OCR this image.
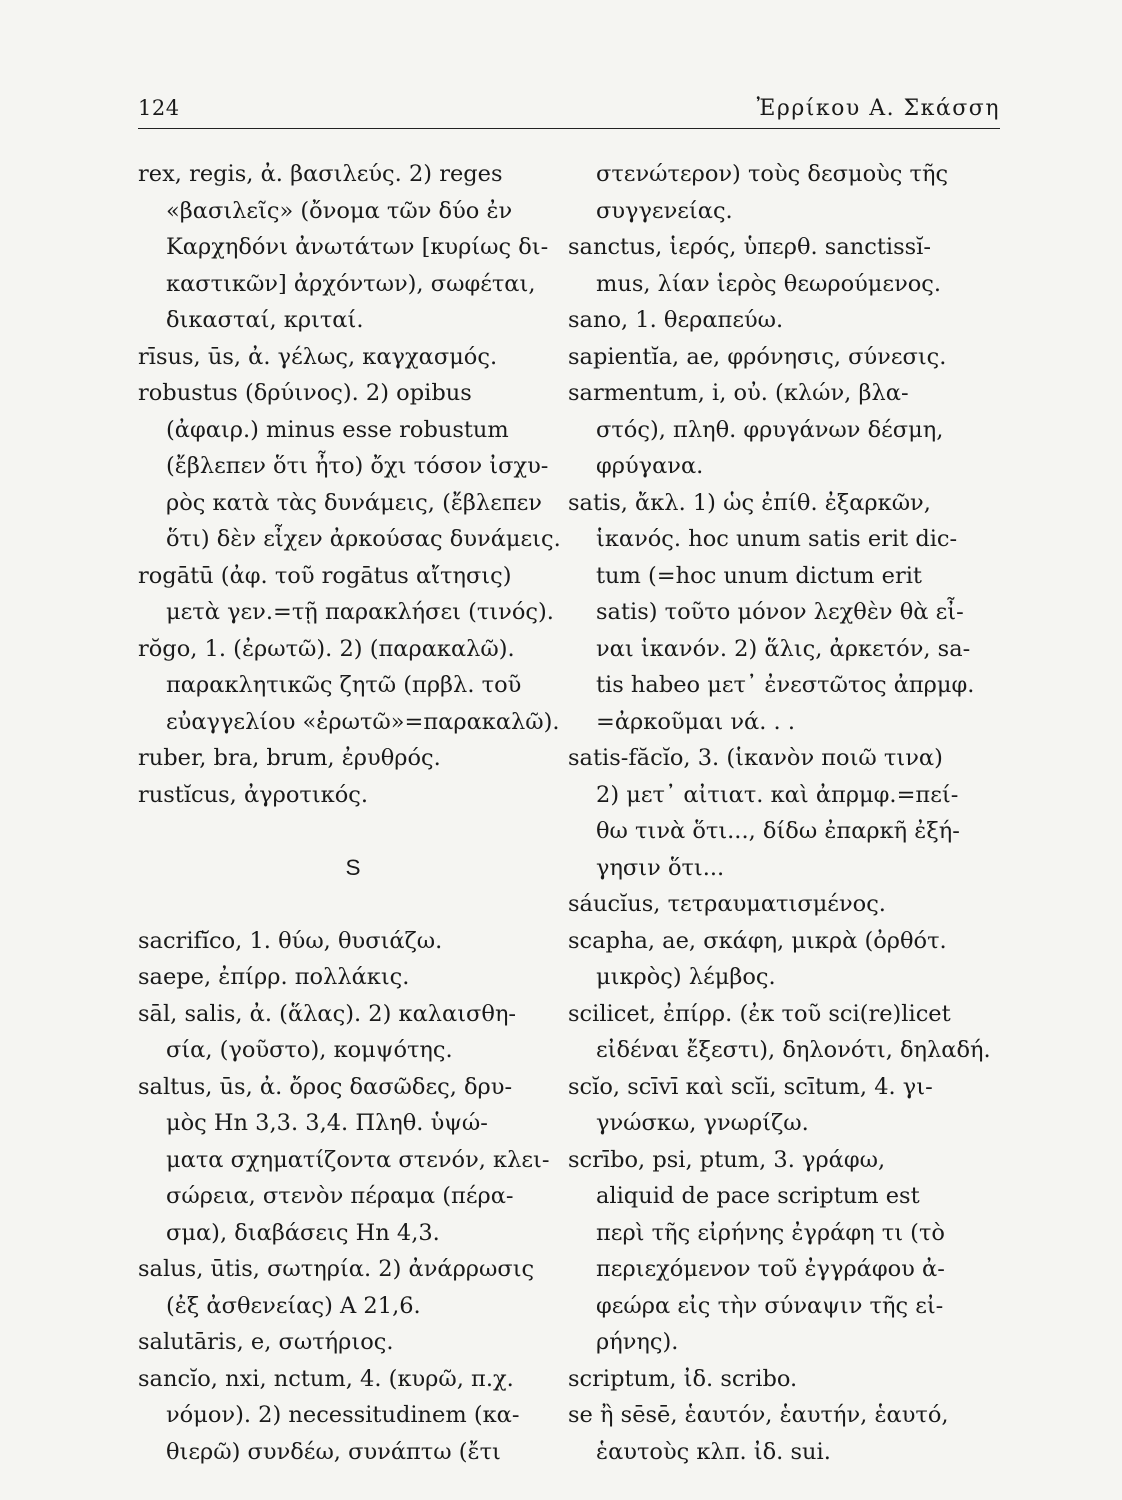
124	Ἐρρίκου Α. Σκάσση
rex, regis, ἀ. βασιλεύς. 2) reges
«βασιλεῖς» (ὄνομα τῶν δύο ἐν
Καρχηδόνι ἀνωτάτων [κυρίως δι-
καστικῶν] ἀρχόντων), σωφέται,
δικασταί, κριταί.
rīsus, ūs, ἀ. γέλως, καγχασμός.
robustus (δρύινος). 2) opibus
(ἀφαιρ.) minus esse robustum
(ἔβλεπεν ὅτι ἦτο) ὄχι τόσον ἰσχυ-
ρὸς κατὰ τὰς δυνάμεις, (ἔβλεπεν
ὅτι) δὲν εἶχεν ἀρκούσας δυνάμεις.
rogātū (ἀφ. τοῦ rogātus αἴτησις)
μετὰ γεν.=τῇ παρακλήσει (τινός).
rŏgo, 1. (ἐρωτῶ). 2) (παρακαλῶ).
παρακλητικῶς ζητῶ (πρβλ. τοῦ
εὐαγγελίου «ἐρωτῶ»=παρακαλῶ).
ruber, bra, brum, ἐρυθρός.
rustĭcus, ἀγροτικός.
S
sacrifĭco, 1. θύω, θυσιάζω.
saepe, ἐπίρρ. πολλάκις.
sāl, salis, ἀ. (ἅλας). 2) καλαισθη-
σία, (γοῦστο), κομψότης.
saltus, ūs, ἀ. ὄρος δασῶδες, δρυ-
μὸς Hn 3,3. 3,4. Πληθ. ὑψώ-
ματα σχηματίζοντα στενόν, κλει-
σώρεια, στενὸν πέραμα (πέρα-
σμα), διαβάσεις Hn 4,3.
salus, ūtis, σωτηρία. 2) ἀνάρρωσις
(ἐξ ἀσθενείας) A 21,6.
salutāris, e, σωτήριος.
sancĭo, nxi, nctum, 4. (κυρῶ, π.χ.
νόμον). 2) necessitudinem (κα-
θιερῶ) συνδέω, συνάπτω (ἔτι
στενώτερον) τοὺς δεσμοὺς τῆς
συγγενείας.
sanctus, ἱερός, ὑπερθ. sanctissĭ-
mus, λίαν ἱερὸς θεωρούμενος.
sano, 1. θεραπεύω.
sapientĭa, ae, φρόνησις, σύνεσις.
sarmentum, i, οὐ. (κλών, βλα-
στός), πληθ. φρυγάνων δέσμη,
φρύγανα.
satis, ἄκλ. 1) ὡς ἐπίθ. ἐξαρκῶν,
ἱκανός. hoc unum satis erit dic-
tum (=hoc unum dictum erit
satis) τοῦτο μόνον λεχθὲν θὰ εἶ-
ναι ἱκανόν. 2) ἅλις, ἀρκετόν, sa-
tis habeo μετ᾽ ἐνεστῶτος ἀπρμφ.
=ἀρκοῦμαι νά. . .
satis-făcĭo, 3. (ἱκανὸν ποιῶ τινα)
2) μετ᾽ αἰτιατ. καὶ ἀπρμφ.=πεί-
θω τινὰ ὅτι..., δίδω ἐπαρκῆ ἐξή-
γησιν ὅτι...
sáucĭus, τετραυματισμένος.
scapha, ae, σκάφη, μικρὰ (ὀρθότ.
μικρὸς) λέμβος.
scilicet, ἐπίρρ. (ἐκ τοῦ sci(re)licet
εἰδέναι ἔξεστι), δηλονότι, δηλαδή.
scĭo, scīvī καὶ scĭi, scītum, 4. γι-
γνώσκω, γνωρίζω.
scrībo, psi, ptum, 3. γράφω,
aliquid de pace scriptum est
περὶ τῆς εἰρήνης ἐγράφη τι (τὸ
περιεχόμενον τοῦ ἐγγράφου ἀ-
φεώρα εἰς τὴν σύναψιν τῆς εἰ-
ρήνης).
scriptum, ἰδ. scribo.
se ἢ sēsē, ἑαυτόν, ἑαυτήν, ἑαυτό,
ἑαυτοὺς κλπ. ἰδ. sui.
